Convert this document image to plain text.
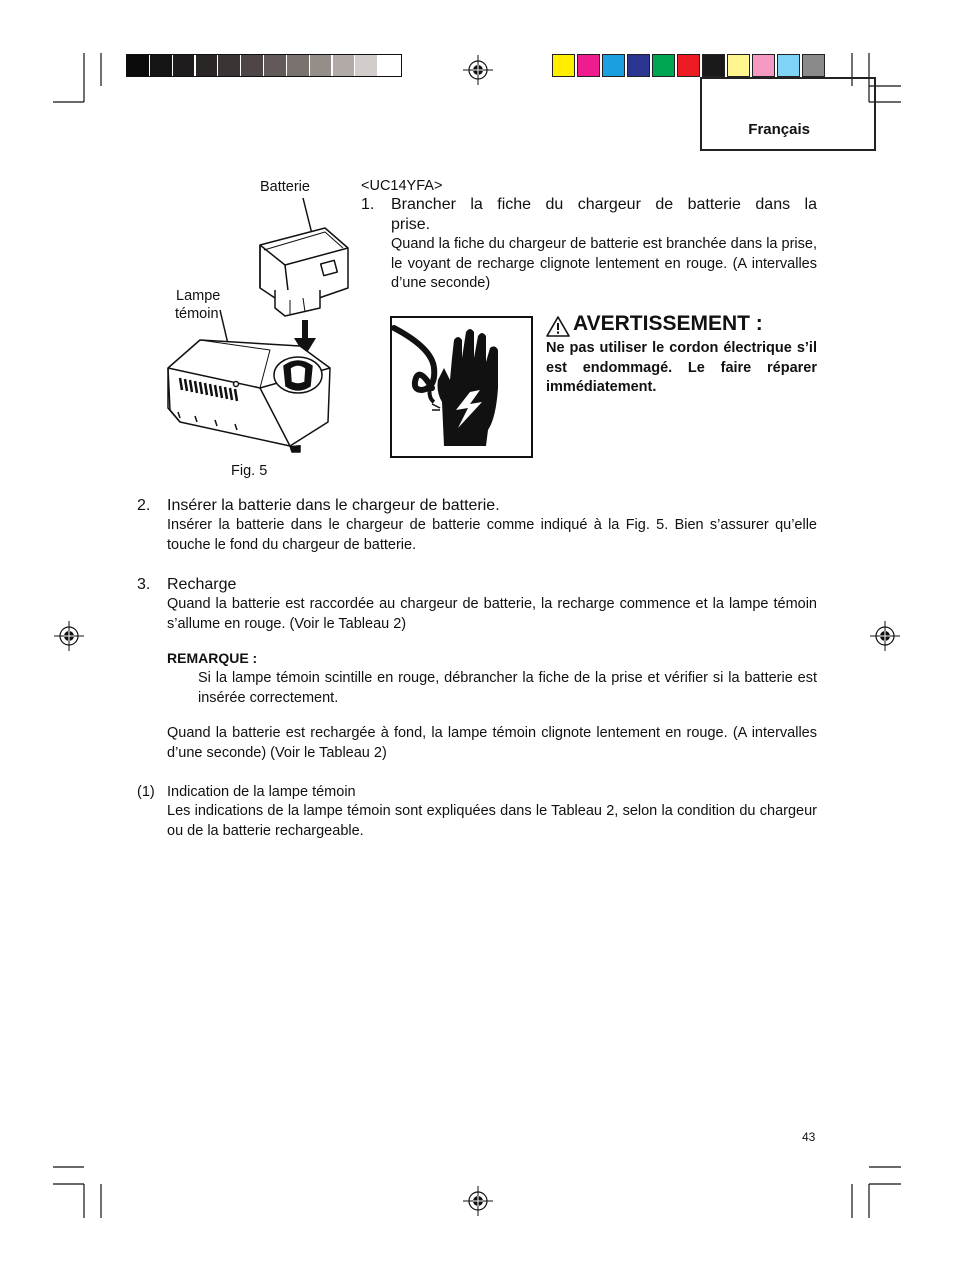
Français
Batterie
Lampe
témoin
Fig. 5
<UC14YFA>
1. Brancher la fiche du chargeur de batterie dans la
prise.
Quand la fiche du chargeur de batterie est branchée dans la prise, le voyant de recharge clignote lentement en rouge. (A intervalles d’une seconde)
AVERTISSEMENT :
Ne pas utiliser le cordon électrique s’il est endommagé. Le faire réparer immédiatement.
2. Insérer la batterie dans le chargeur de batterie.
Insérer la batterie dans le chargeur de batterie comme indiqué à la Fig. 5. Bien s’assurer qu’elle touche le fond du chargeur de batterie.
3. Recharge
Quand la batterie est raccordée au chargeur de batterie, la recharge commence et la lampe témoin s’allume en rouge. (Voir le Tableau 2)
REMARQUE :
Si la lampe témoin scintille en rouge, débrancher la fiche de la prise et vérifier si la batterie est insérée correctement.
Quand la batterie est rechargée à fond, la lampe témoin clignote lentement en rouge. (A intervalles d’une seconde) (Voir le Tableau 2)
(1) Indication de la lampe témoin
Les indications de la lampe témoin sont expliquées dans le Tableau 2, selon la condition du chargeur ou de la batterie rechargeable.
43
